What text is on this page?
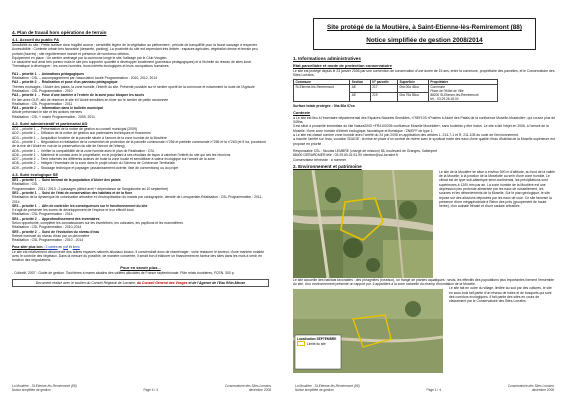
4. Plan de travail hors opérations de terrain
4.1. Accueil du public FA

Sensibilité du site : Petite surface donc fragilité accrue ; sensibilité légère de la végétation au piétinement ; période de tranquillité pour la faune sauvage à respecter.

Accessibilité : Contexte urbain très favorable (desserte, parking). La proximité du site est cependant très limitée : espaces agricoles, végétation dense et terrain peu portant (fourrés) ; site régulièrement inondé et présence de nombreux détritus.

Equipement en place : Un sentier aménagé par la commune longe le site, balisage par le Club Vosgien.

Le caractère sud ainsi très porteur mais le site peu supporter quantité à développer localement (panneaux pédagogiques) et à l'échelle du réseau de sites local.

Thématique à développer : les zones humides, leurs intérêts écologiques et leurs occupations humaines.

FA1 – priorité 1 → Animations pédagogiques

Réalisation : CSL – accompagnement par l'association locale Programmation : 2010, 2012, 2014

FA2 – priorité 2 → Réalisation et pose d'un panneau pédagogique

Thèmes envisagés : l'Aloiré des palais, la zone humide, l'intérêt du site. Présenté possible sur le sentier sportif de la commune et notamment la route de l'Agricole

Réalisation : CSL Programmation : 2010

FA3 – priorité 1 → Pose d'une barrière à l'entrée de la zone pour bloquer les accès

En lien avec OI-R, afin de réserver le site et l'Aloiré sensibles en hiver sur le sentier de petite randonnée

Réalisation : CSL Programmation : 2011

FA4 – priorité 2 → Information dans le bulletin municipal

Article présentant le site et les actions menées

Réalisation : CSL + mairie Programmation : 2009, 2011

4.2. Suivi administratif et partenarial AD

AD1 – priorité 1 → Présentation de la notice de gestion au conseil municipal (2009)

AD2 – priorité 1 → Diffusion de la notice de gestion aux partenaires techniques et financeurs

AD3 – priorité 1 → Acquisition foncière de la parcelle située à l'amont de la zone humide de la Moutière

AD4 – priorité 1 → Négociation et réalisation de la convention de protection de la parcelle communale n°256 et partielle communale n°256 et la n°263 (et 5 ha, procédure de la rive de l'Aloiré en vue de la préservation du site de l'amont de l'étang)

AD5 – priorité 1 → Vérifier la compatibilité de la zone humide avec le plan de Réalisation : CSL

AD6 – priorité 1 → Maintenir le contact avec le propriétaire, en le projetant à ses résultats de façon à valoriser l'intérêt du site qui ces les réunions

AD7 – priorité 2 → Tenir informés les différents acteurs de toute la zone locale et sensibiliser à valeur écologique sur l'amont de la zone

AD8 – priorité 2 → Intégrer l'inventaire de la zone dans le projet urbain du Schéma de Cohérence Territoriale

AD9 – priorité 2 → Stockage technique et paysager (assainissement cicérite, liste de conventions) ou du projet

4.3. Suivi écologique SE

SE1 – priorité 1 → Suivi biennal de la population d'Aloiré des palais

Réalisation : CSL

Programmation : 2011 / 2013 ; 2 passages (début avril + dépendance de Sanguisorbe au 10 septembre)

SE2 – priorité 1 → Suivi de l'état de conservation des habitats et de la flore

Réalisation de la dynamique de colonisation arbustive et d'eutrophisation du marais par cartographie, densité de Lorsqueriale-Réalisation : CSL Programmation : 2011, 2014

SE3 – priorité 1 → Afin de contrôler les conséquences sur le fonctionnement du site

Il s'agit de préserver les zones de développement de l'espèce et leur effectif local

Réalisation : CSL Programmation : 2014

SE4 – priorité 2 → Approfondissement des inventaires

Selon opportunité, compléter les connaissances sur les invertébrés, les odonates, les papillons et les mammifères

Réalisation : CSL Programmation : 2010-2014

SE5 – priorité 2 → Suivi de l'évolution du niveau d'eau

Relevé mensuel du niveau d'eau par un piézomètre

Réalisation : CSL Programmation : 2010 - 2014

Pour aller plus loin : 3 cartes en pdf et liens

Le site est relativement déconnecté des autres espaces naturels alluviaux locaux. Il conviendrait donc de réaménager ; voire restaurer le secteur, d'une manière notable avec le contrôle des végétaux. Dans la mesure du possible, de manière concertée, il serait bon d'élaborer un financement en faveur des sites dans les mois à venir, en fonction des négociations.

Pour en savoir plus...

- Collectif, 2007 : Guide de gestion. Tourbières à mares alcalins des vallées alluviales de France septentrionale. Pôle relais tourbières, FCEN. 300 p.

Document réalisé avec le soutien du Conseil Régional de Lorraine, du Conseil Général des Vosges et de l'Agence de l'Eau Rhin-Meuse

La Moutière - St-Etienne-lès-Remiremont (88)
Notice simplifiée de gestion	Page 4 / 4
Conservatoire des Sites Lorrains
décembre 2008
Site protégé de la Moutière, à Saint-Etienne-lès-Remiremont (88)
Notice simplifiée de gestion 2008/2014
1. Informations administratives
Etat parcellaire et mode de protection conservatoire

Le site est protégé depuis le 23 janvier 2006 par une convention de conservation d'une durée de 15 ans, entre la commune, propriétaire des parcelles, et le Conservatoire des Sites Lorrains.

Commune	Section	N° parcelle	Superficie	Propriétaire
St-Etienne-lès-Remiremont	AE	217	0ha 00a 46ca	Commune
Place de l'Hôtel de Ville
88200 St-Etienne-lès-Remiremont
tél. : 03.29.26.18.00

	AE	219	0ha 79a 55ca	

Surface totale protégée : 0ha 80a 07ca

Contexte

● Le site est lieu à l'inventaire départemental des Espaces Naturels Sensibles, n°98Y103 «Prairies à Aloiré des Palais de la confluence Moselle-Moselotte», qui couvre plus de 349ha.
Il est situé à proximité immédiate du site Natura2000 «FR4100206 confluence Moselle Moselotte», sans toutefois y être inclus. Le site a fait l'objet en 2006, à l'amont de la Moselle, d'une zone humide d'intérêt écologique, faunistique et floristique : ZNIEFF de type 1.
● Le site est classé comme zone humide avec l'arrêté du 24 juin 2008 en application des articles L. 214-7-1 et R. 211-108 du code de l'environnement.
● Inscrite l'arrêté sur l'eau, vocation SDAGE : la mise en place d'un contrat de rivière avec le syndicat mixte des eaux d'une qualité d'eau d'habitat de la Moselle supérieure est proposé en priorité

Responsable CSL : Nicolas LEMBRE (chargé de mission) 58, boulevard de Granges, Xaltenpert

88400 GERARDMER télé : 03.29.60.01.61.90 nlembre@csl-lorraine.fr

Conservateur bénévole : à nommer

2. Environnement et patrimoine

Le site de la Moutière se situe à environ 500 m d'altitude, au fond de la vallée de la Moselle, à la jonction de la Moselotte au sein d'une zone humide. Le climat est de type sub-atlantique semi-continental, les précipitations sont supérieures à 1200 mm par an. La zone humide de la Moutière est une dépression peu profonde alimentée par les eaux de ruissellement, les sources et les débordements de la Moselle. Sur le plan géologique, le site repose sur des alluvions déposées par les eaux de crue. Ce site favorise la présence d'une mégaphorbiaie à Reine des prés (groupement de haute herbe), d'un aulnaie frênaie et d'une saulaie arbustive.

Le site accueille des habitats favorables : des phragmites (roseaux), un frangé de plantes aquatiques ; seuls, les effectifs des populations plus importantes forment l'ensemble du site, d'un environnement présente un rapport pur. Il appartient à la zone naturelle du champ d'inondation de la Moselle.

Localisation SEPTEMBRE
Limite du site

Le site fait en outre du village, limitée au sud par des cultures, le site en sous-bois fait partie d'un réseau de haies et de bosquets qui sont des corridors écologiques. Il fait partie des sites en cours de classement par le Conservatoire des Sites Lorrains.

La Moutière - St-Etienne-lès-Remiremont (88)
Notice simplifiée de gestion	Page 1 / 4
Conservatoire des Sites Lorrains
décembre 2008
